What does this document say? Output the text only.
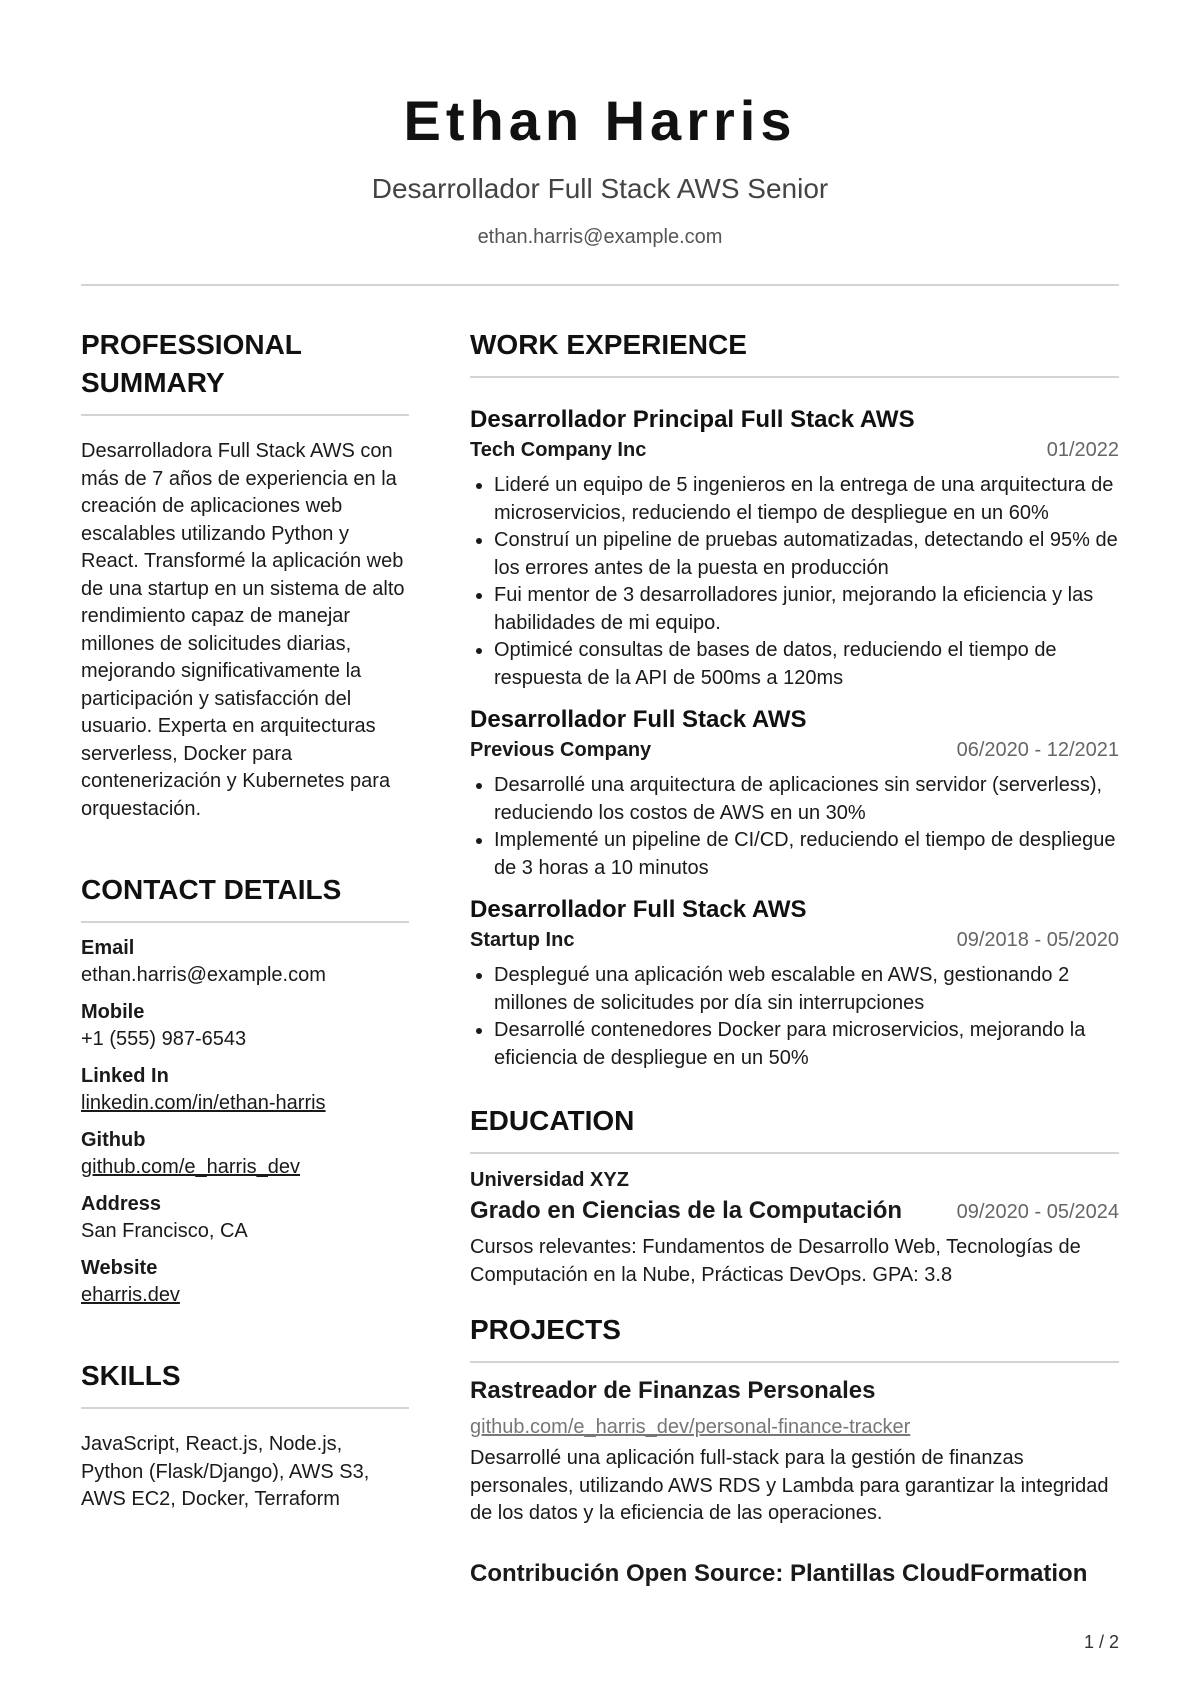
Ethan Harris
Desarrollador Full Stack AWS Senior
ethan.harris@example.com
PROFESSIONAL
SUMMARY
Desarrolladora Full Stack AWS con más de 7 años de experiencia en la creación de aplicaciones web escalables utilizando Python y React. Transformé la aplicación web de una startup en un sistema de alto rendimiento capaz de manejar millones de solicitudes diarias, mejorando significativamente la participación y satisfacción del usuario. Experta en arquitecturas serverless, Docker para contenerización y Kubernetes para orquestación.
CONTACT DETAILS
Email
ethan.harris@example.com
Mobile
+1 (555) 987-6543
Linked In
linkedin.com/in/ethan-harris
Github
github.com/e_harris_dev
Address
San Francisco, CA
Website
eharris.dev
SKILLS
JavaScript, React.js, Node.js, Python (Flask/Django), AWS S3, AWS EC2, Docker, Terraform
WORK EXPERIENCE
Desarrollador Principal Full Stack AWS
Tech Company Inc	01/2022
• Lideré un equipo de 5 ingenieros en la entrega de una arquitectura de microservicios, reduciendo el tiempo de despliegue en un 60%
• Construí un pipeline de pruebas automatizadas, detectando el 95% de los errores antes de la puesta en producción
• Fui mentor de 3 desarrolladores junior, mejorando la eficiencia y las habilidades de mi equipo.
• Optimicé consultas de bases de datos, reduciendo el tiempo de respuesta de la API de 500ms a 120ms
Desarrollador Full Stack AWS
Previous Company	06/2020 - 12/2021
• Desarrollé una arquitectura de aplicaciones sin servidor (serverless), reduciendo los costos de AWS en un 30%
• Implementé un pipeline de CI/CD, reduciendo el tiempo de despliegue de 3 horas a 10 minutos
Desarrollador Full Stack AWS
Startup Inc	09/2018 - 05/2020
• Desplegué una aplicación web escalable en AWS, gestionando 2 millones de solicitudes por día sin interrupciones
• Desarrollé contenedores Docker para microservicios, mejorando la eficiencia de despliegue en un 50%
EDUCATION
Universidad XYZ
Grado en Ciencias de la Computación	09/2020 - 05/2024
Cursos relevantes: Fundamentos de Desarrollo Web, Tecnologías de Computación en la Nube, Prácticas DevOps. GPA: 3.8
PROJECTS
Rastreador de Finanzas Personales
github.com/e_harris_dev/personal-finance-tracker
Desarrollé una aplicación full-stack para la gestión de finanzas personales, utilizando AWS RDS y Lambda para garantizar la integridad de los datos y la eficiencia de las operaciones.
Contribución Open Source: Plantillas CloudFormation
1 / 2
